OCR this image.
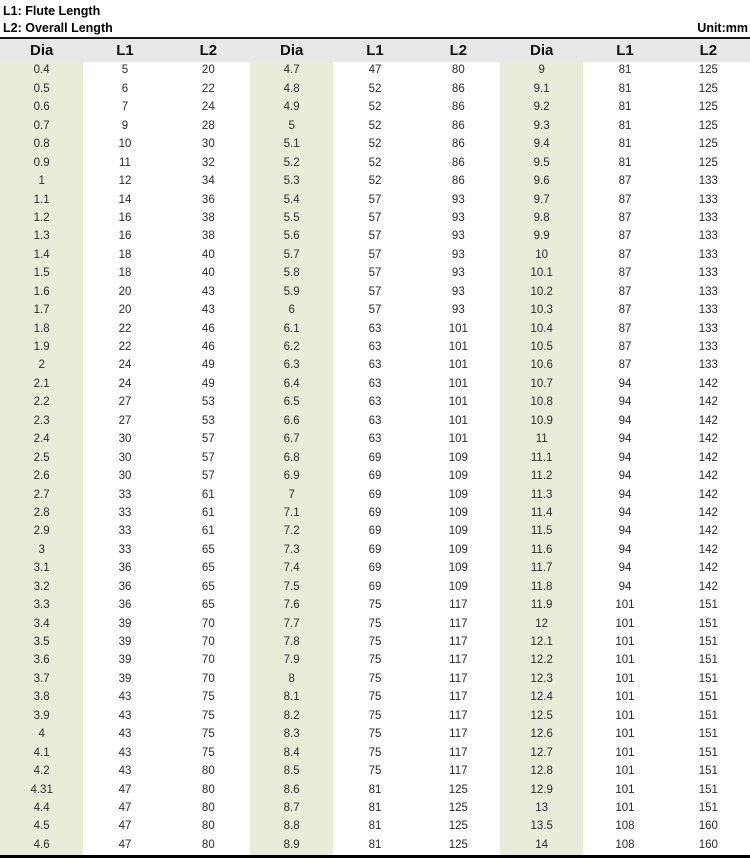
L1: Flute Length
L2: Overall Length	Unit:mm
Dia	L1	L2	Dia	L1	L2	Dia	L1	L2
0.4	5	20	4.7	47	80	9	81	125
0.5	6	22	4.8	52	86	9.1	81	125
0.6	7	24	4.9	52	86	9.2	81	125
0.7	9	28	5	52	86	9.3	81	125
0.8	10	30	5.1	52	86	9.4	81	125
0.9	11	32	5.2	52	86	9.5	81	125
1	12	34	5.3	52	86	9.6	87	133
1.1	14	36	5.4	57	93	9.7	87	133
1.2	16	38	5.5	57	93	9.8	87	133
1.3	16	38	5.6	57	93	9.9	87	133
1.4	18	40	5.7	57	93	10	87	133
1.5	18	40	5.8	57	93	10.1	87	133
1.6	20	43	5.9	57	93	10.2	87	133
1.7	20	43	6	57	93	10.3	87	133
1.8	22	46	6.1	63	101	10.4	87	133
1.9	22	46	6.2	63	101	10.5	87	133
2	24	49	6.3	63	101	10.6	87	133
2.1	24	49	6.4	63	101	10.7	94	142
2.2	27	53	6.5	63	101	10.8	94	142
2.3	27	53	6.6	63	101	10.9	94	142
2.4	30	57	6.7	63	101	11	94	142
2.5	30	57	6.8	69	109	11.1	94	142
2.6	30	57	6.9	69	109	11.2	94	142
2.7	33	61	7	69	109	11.3	94	142
2.8	33	61	7.1	69	109	11.4	94	142
2.9	33	61	7.2	69	109	11.5	94	142
3	33	65	7.3	69	109	11.6	94	142
3.1	36	65	7.4	69	109	11.7	94	142
3.2	36	65	7.5	69	109	11.8	94	142
3.3	36	65	7.6	75	117	11.9	101	151
3.4	39	70	7.7	75	117	12	101	151
3.5	39	70	7.8	75	117	12.1	101	151
3.6	39	70	7.9	75	117	12.2	101	151
3.7	39	70	8	75	117	12.3	101	151
3.8	43	75	8.1	75	117	12.4	101	151
3.9	43	75	8.2	75	117	12.5	101	151
4	43	75	8.3	75	117	12.6	101	151
4.1	43	75	8.4	75	117	12.7	101	151
4.2	43	80	8.5	75	117	12.8	101	151
4.31	47	80	8.6	81	125	12.9	101	151
4.4	47	80	8.7	81	125	13	101	151
4.5	47	80	8.8	81	125	13.5	108	160
4.6	47	80	8.9	81	125	14	108	160
